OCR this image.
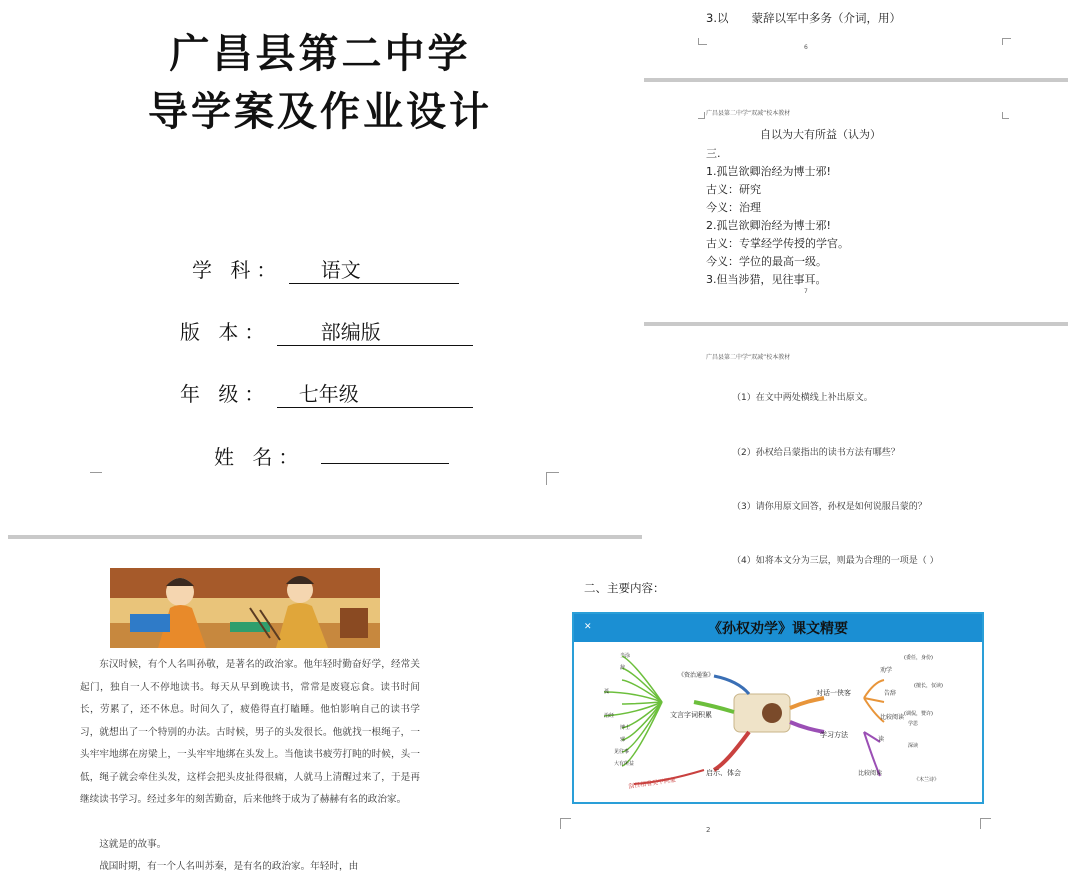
广昌县第二中学
导学案及作业设计
学 科： 语文
版 本：	部编版
年 级： 七年级
姓 名：
3.以　　蒙辞以军中多务（介词，用）
6
广昌县第二中学“双减”校本教材
自以为大有所益（认为）
三.
1.孤岂欲卿治经为博士邪!
古义：研究
今义：治理
2.孤岂欲卿治经为博士邪!
古义：专掌经学传授的学官。
今义：学位的最高一级。
3.但当涉猎，见往事耳。
7
广昌县第二中学“双减”校本教材
（1）在文中两处横线上补出原文。
（2）孙权给吕蒙指出的读书方法有哪些？
（3）请你用原文回答，孙权是如何说服吕蒙的？
（4）如将本文分为三层，则最为合理的一项是（ ）
东汉时候，有个人名叫孙敬，是著名的政治家。他年轻时勤奋好学，经常关起门，独自一人不停地读书。每天从早到晚读书，常常是废寝忘食。读书时间长，劳累了，还不休息。时间久了，疲倦得直打瞌睡。他怕影响自己的读书学习，就想出了一个特别的办法。古时候，男子的头发很长。他就找一根绳子，一头牢牢地绑在房梁上，一头牢牢地绑在头发上。当他读书疲劳打盹的时候，头一低，绳子就会牵住头发，这样会把头皮扯得很痛，人就马上清醒过来了，于是再继续读书学习。经过多年的刻苦勤奋，后来他终于成为了赫赫有名的政治家。
这就是的故事。
战国时期，有一个人名叫苏秦，是有名的政治家。年轻时，由
二、主要内容：
✕	《孙权劝学》课文精要
对话一侠客
学习方法
文言字词积累
启示、体会
《资治通鉴》
刮目相看吴下阿蒙
劝学
告辞
比较阅读
(委任，身份)
(擅长，仅读)
(调侃，赞许)
读
比较阅读
学思
深读
《木兰诗》
当涂
辞
孤
治经
博士
邪
见往事
大有所益
2
